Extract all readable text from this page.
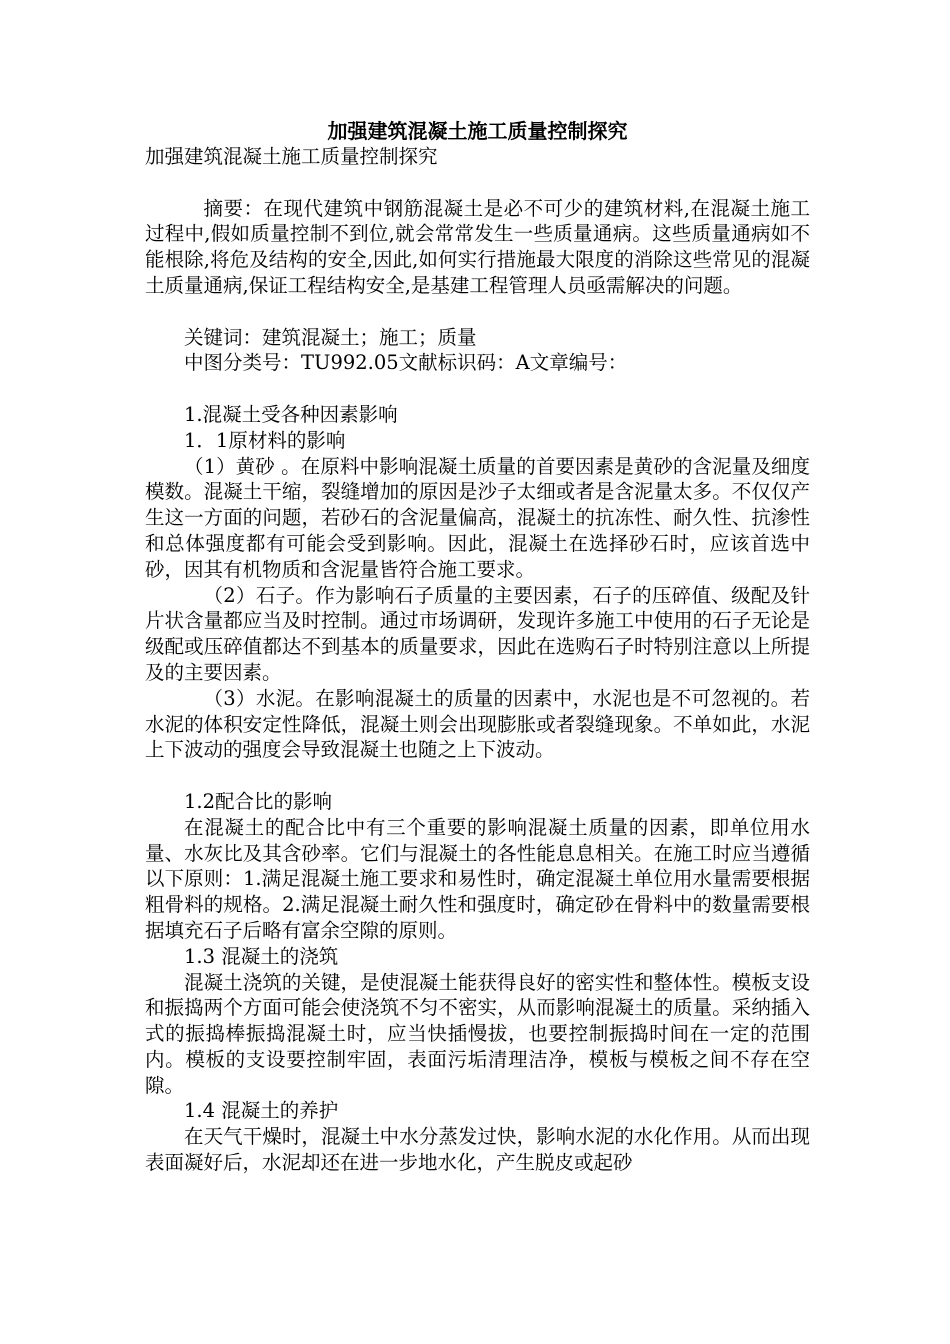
加强建筑混凝土施工质量控制探究
加强建筑混凝土施工质量控制探究
摘要：在现代建筑中钢筋混凝土是必不可少的建筑材料,在混凝土施工过程中,假如质量控制不到位,就会常常发生一些质量通病。这些质量通病如不能根除,将危及结构的安全,因此,如何实行措施最大限度的消除这些常见的混凝土质量通病,保证工程结构安全,是基建工程管理人员亟需解决的问题。
关键词：建筑混凝土；施工；质量
中图分类号：TU992.05文献标识码：A文章编号：
1.混凝土受各种因素影响
1．1原材料的影响
（1）黄砂 。在原料中影响混凝土质量的首要因素是黄砂的含泥量及细度模数。混凝土干缩，裂缝增加的原因是沙子太细或者是含泥量太多。不仅仅产生这一方面的问题，若砂石的含泥量偏高，混凝土的抗冻性、耐久性、抗渗性和总体强度都有可能会受到影响。因此，混凝土在选择砂石时，应该首选中砂，因其有机物质和含泥量皆符合施工要求。
（2）石子。作为影响石子质量的主要因素，石子的压碎值、级配及针片状含量都应当及时控制。通过市场调研，发现许多施工中使用的石子无论是级配或压碎值都达不到基本的质量要求，因此在选购石子时特别注意以上所提及的主要因素。
（3）水泥。在影响混凝土的质量的因素中，水泥也是不可忽视的。若水泥的体积安定性降低，混凝土则会出现膨胀或者裂缝现象。不单如此，水泥上下波动的强度会导致混凝土也随之上下波动。
1.2配合比的影响
在混凝土的配合比中有三个重要的影响混凝土质量的因素，即单位用水量、水灰比及其含砂率。它们与混凝土的各性能息息相关。在施工时应当遵循以下原则：1.满足混凝土施工要求和易性时，确定混凝土单位用水量需要根据粗骨料的规格。2.满足混凝土耐久性和强度时，确定砂在骨料中的数量需要根据填充石子后略有富余空隙的原则。
1.3 混凝土的浇筑
混凝土浇筑的关键，是使混凝土能获得良好的密实性和整体性。模板支设和振捣两个方面可能会使浇筑不匀不密实，从而影响混凝土的质量。采纳插入式的振捣棒振捣混凝土时，应当快插慢拔，也要控制振捣时间在一定的范围内。模板的支设要控制牢固，表面污垢清理洁净，模板与模板之间不存在空隙。
1.4 混凝土的养护
在天气干燥时，混凝土中水分蒸发过快，影响水泥的水化作用。从而出现表面凝好后，水泥却还在进一步地水化，产生脱皮或起砂
